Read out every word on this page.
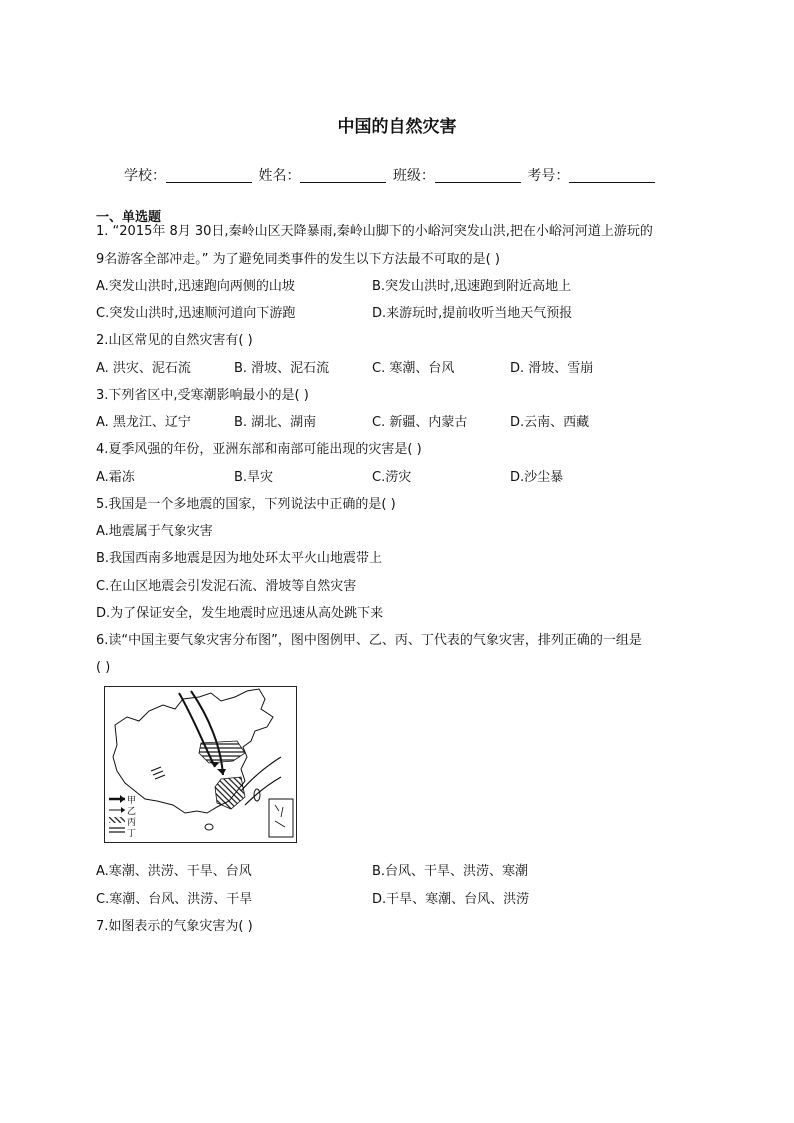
中国的自然灾害
学校：	姓名：	班级：	考号：
一、单选题
1. “2015年 8月 30日,秦岭山区天降暴雨,秦岭山脚下的小峪河突发山洪,把在小峪河河道上游玩的
9名游客全部冲走。” 为了避免同类事件的发生以下方法最不可取的是( )
A.突发山洪时,迅速跑向两侧的山坡	B.突发山洪时,迅速跑到附近高地上
C.突发山洪时,迅速顺河道向下游跑	D.来游玩时,提前收听当地天气预报
2.山区常见的自然灾害有( )
A. 洪灾、泥石流	B. 滑坡、泥石流	C. 寒潮、台风	D. 滑坡、雪崩
3.下列省区中,受寒潮影响最小的是( )
A. 黑龙江、辽宁	B. 湖北、湖南	C. 新疆、内蒙古	D.云南、西藏
4.夏季风强的年份，亚洲东部和南部可能出现的灾害是( )
A.霜冻	B.旱灾	C.涝灾	D.沙尘暴
5.我国是一个多地震的国家，下列说法中正确的是( )
A.地震属于气象灾害
B.我国西南多地震是因为地处环太平火山地震带上
C.在山区地震会引发泥石流、滑坡等自然灾害
D.为了保证安全，发生地震时应迅速从高处跳下来
6.读“中国主要气象灾害分布图”，图中图例甲、乙、丙、丁代表的气象灾害，排列正确的一组是
( )
甲
乙
丙
丁
A.寒潮、洪涝、干旱、台风	B.台风、干旱、洪涝、寒潮
C.寒潮、台风、洪涝、干旱	D.干旱、寒潮、台风、洪涝
7.如图表示的气象灾害为( )
